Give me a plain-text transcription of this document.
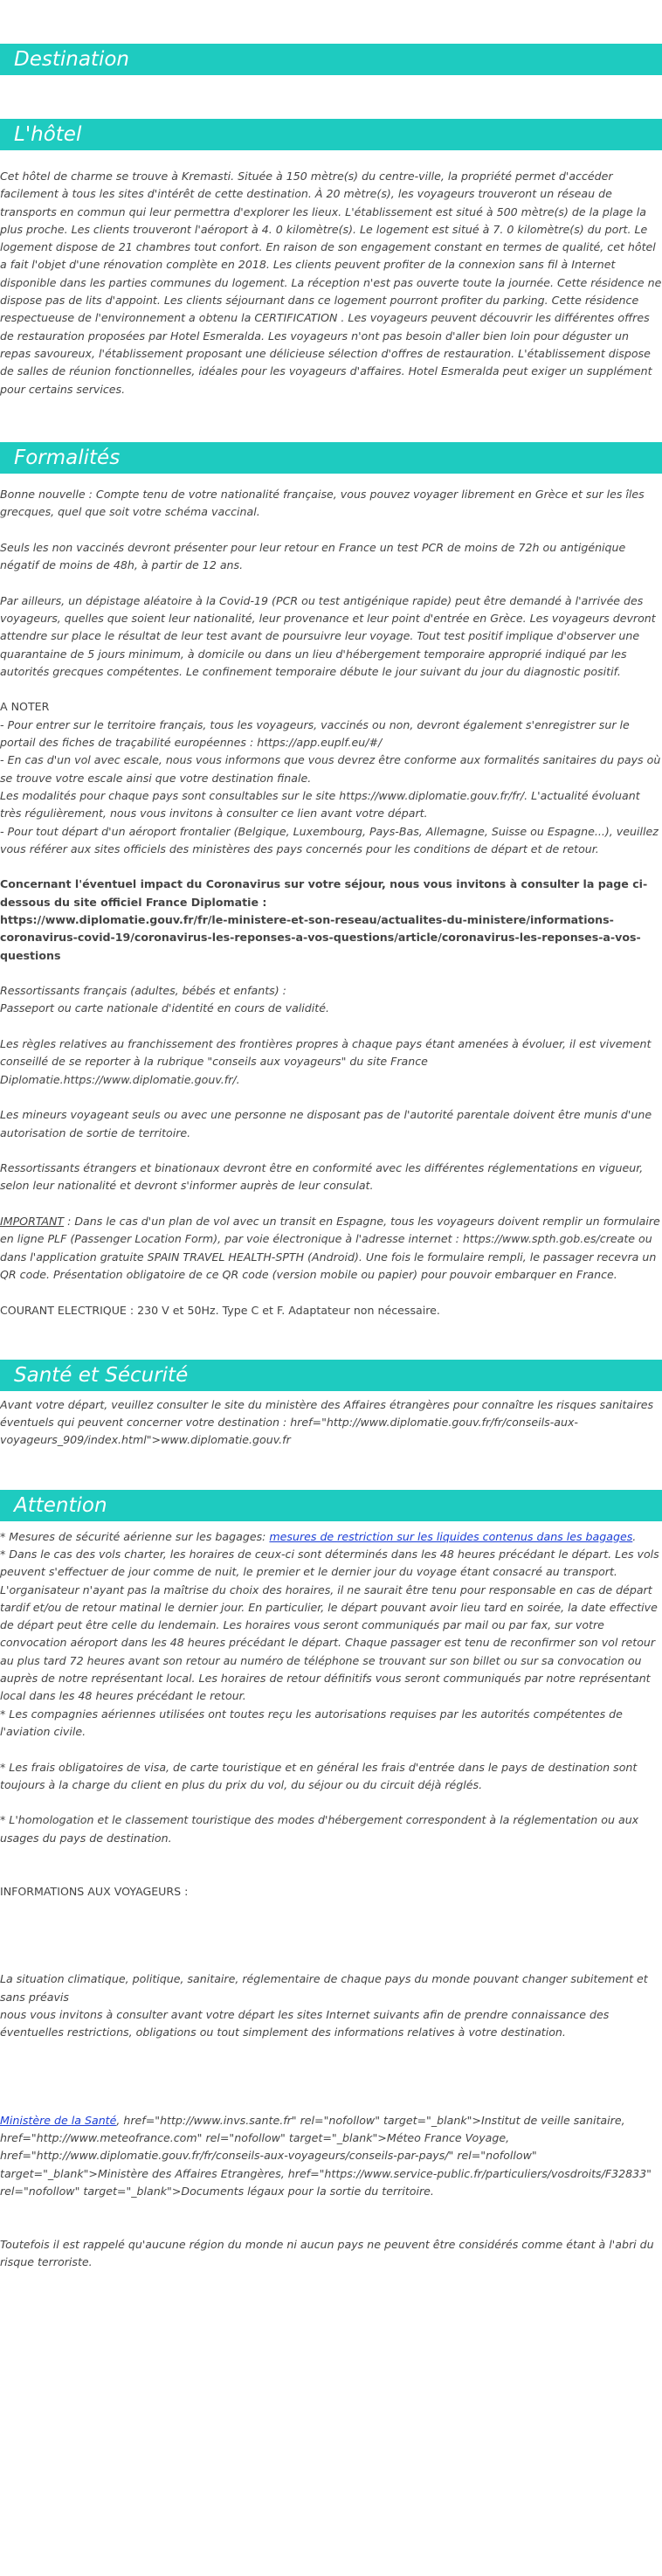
Destination
L'hôtel

Cet hôtel de charme se trouve à Kremasti. Située à 150 mètre(s) du centre-ville, la propriété permet d'accéder facilement à tous les sites d'intérêt de cette destination. À 20 mètre(s), les voyageurs trouveront un réseau de transports en commun qui leur permettra d'explorer les lieux. L'établissement est situé à 500 mètre(s) de la plage la plus proche. Les clients trouveront l'aéroport à 4. 0 kilomètre(s). Le logement est situé à 7. 0 kilomètre(s) du port. Le logement dispose de 21 chambres tout confort. En raison de son engagement constant en termes de qualité, cet hôtel a fait l'objet d'une rénovation complète en 2018. Les clients peuvent profiter de la connexion sans fil à Internet disponible dans les parties communes du logement. La réception n'est pas ouverte toute la journée. Cette résidence ne dispose pas de lits d'appoint. Les clients séjournant dans ce logement pourront profiter du parking. Cette résidence respectueuse de l'environnement a obtenu la CERTIFICATION . Les voyageurs peuvent découvrir les différentes offres de restauration proposées par Hotel Esmeralda. Les voyageurs n'ont pas besoin d'aller bien loin pour déguster un repas savoureux, l'établissement proposant une délicieuse sélection d'offres de restauration. L'établissement dispose de salles de réunion fonctionnelles, idéales pour les voyageurs d'affaires. Hotel Esmeralda peut exiger un supplément pour certains services.

Formalités

Bonne nouvelle : Compte tenu de votre nationalité française, vous pouvez voyager librement en Grèce et sur les îles grecques, quel que soit votre schéma vaccinal.

Seuls les non vaccinés devront présenter pour leur retour en France un test PCR de moins de 72h ou antigénique négatif de moins de 48h, à partir de 12 ans.

Par ailleurs, un dépistage aléatoire à la Covid-19 (PCR ou test antigénique rapide) peut être demandé à l'arrivée des voyageurs, quelles que soient leur nationalité, leur provenance et leur point d'entrée en Grèce. Les voyageurs devront attendre sur place le résultat de leur test avant de poursuivre leur voyage. Tout test positif implique d'observer une quarantaine de 5 jours minimum, à domicile ou dans un lieu d'hébergement temporaire approprié indiqué par les autorités grecques compétentes. Le confinement temporaire débute le jour suivant du jour du diagnostic positif.

A NOTER

- Pour entrer sur le territoire français, tous les voyageurs, vaccinés ou non, devront également s'enregistrer sur le portail des fiches de traçabilité européennes : https://app.euplf.eu/#/

- En cas d'un vol avec escale, nous vous informons que vous devrez être conforme aux formalités sanitaires du pays où se trouve votre escale ainsi que votre destination finale.

Les modalités pour chaque pays sont consultables sur le site https://www.diplomatie.gouv.fr/fr/. L'actualité évoluant très régulièrement, nous vous invitons à consulter ce lien avant votre départ.

- Pour tout départ d'un aéroport frontalier (Belgique, Luxembourg, Pays-Bas, Allemagne, Suisse ou Espagne...), veuillez vous référer aux sites officiels des ministères des pays concernés pour les conditions de départ et de retour.

Concernant l'éventuel impact du Coronavirus sur votre séjour, nous vous invitons à consulter la page ci-dessous du site officiel France Diplomatie :

https://www.diplomatie.gouv.fr/fr/le-ministere-et-son-reseau/actualites-du-ministere/informations-coronavirus-covid-19/coronavirus-les-reponses-a-vos-questions/article/coronavirus-les-reponses-a-vos-questions

Ressortissants français (adultes, bébés et enfants) :

Passeport ou carte nationale d'identité en cours de validité.

Les règles relatives au franchissement des frontières propres à chaque pays étant amenées à évoluer, il est vivement conseillé de se reporter à la rubrique "conseils aux voyageurs" du site France Diplomatie.https://www.diplomatie.gouv.fr/.

Les mineurs voyageant seuls ou avec une personne ne disposant pas de l'autorité parentale doivent être munis d'une autorisation de sortie de territoire.

Ressortissants étrangers et binationaux devront être en conformité avec les différentes réglementations en vigueur, selon leur nationalité et devront s'informer auprès de leur consulat.

IMPORTANT : Dans le cas d'un plan de vol avec un transit en Espagne, tous les voyageurs doivent remplir un formulaire en ligne PLF (Passenger Location Form), par voie électronique à l'adresse internet : https://www.spth.gob.es/create ou dans l'application gratuite SPAIN TRAVEL HEALTH-SPTH (Android). Une fois le formulaire rempli, le passager recevra un QR code. Présentation obligatoire de ce QR code (version mobile ou papier) pour pouvoir embarquer en France.

COURANT ELECTRIQUE : 230 V et 50Hz. Type C et F. Adaptateur non nécessaire.

Santé et Sécurité

Avant votre départ, veuillez consulter le site du ministère des Affaires étrangères pour connaître les risques sanitaires éventuels qui peuvent concerner votre destination : href="http://www.diplomatie.gouv.fr/fr/conseils-aux-voyageurs_909/index.html">www.diplomatie.gouv.fr

Attention

* Mesures de sécurité aérienne sur les bagages: mesures de restriction sur les liquides contenus dans les bagages.

* Dans le cas des vols charter, les horaires de ceux-ci sont déterminés dans les 48 heures précédant le départ. Les vols peuvent s'effectuer de jour comme de nuit, le premier et le dernier jour du voyage étant consacré au transport. L'organisateur n'ayant pas la maîtrise du choix des horaires, il ne saurait être tenu pour responsable en cas de départ tardif et/ou de retour matinal le dernier jour. En particulier, le départ pouvant avoir lieu tard en soirée, la date effective de départ peut être celle du lendemain. Les horaires vous seront communiqués par mail ou par fax, sur votre convocation aéroport dans les 48 heures précédant le départ. Chaque passager est tenu de reconfirmer son vol retour au plus tard 72 heures avant son retour au numéro de téléphone se trouvant sur son billet ou sur sa convocation ou auprès de notre représentant local. Les horaires de retour définitifs vous seront communiqués par notre représentant local dans les 48 heures précédant le retour.

* Les compagnies aériennes utilisées ont toutes reçu les autorisations requises par les autorités compétentes de l'aviation civile.

* Les frais obligatoires de visa, de carte touristique et en général les frais d'entrée dans le pays de destination sont toujours à la charge du client en plus du prix du vol, du séjour ou du circuit déjà réglés.

* L'homologation et le classement touristique des modes d'hébergement correspondent à la réglementation ou aux usages du pays de destination.

INFORMATIONS AUX VOYAGEURS :

La situation climatique, politique, sanitaire, réglementaire de chaque pays du monde pouvant changer subitement et sans préavis

nous vous invitons à consulter avant votre départ les sites Internet suivants afin de prendre connaissance des éventuelles restrictions, obligations ou tout simplement des informations relatives à votre destination.

Ministère de la Santé, href="http://www.invs.sante.fr" rel="nofollow" target="_blank">Institut de veille sanitaire, href="http://www.meteofrance.com" rel="nofollow" target="_blank">Méteo France Voyage, href="http://www.diplomatie.gouv.fr/fr/conseils-aux-voyageurs/conseils-par-pays/" rel="nofollow" target="_blank">Ministère des Affaires Etrangères, href="https://www.service-public.fr/particuliers/vosdroits/F32833" rel="nofollow" target="_blank">Documents légaux pour la sortie du territoire.

Toutefois il est rappelé qu'aucune région du monde ni aucun pays ne peuvent être considérés comme étant à l'abri du risque terroriste.
